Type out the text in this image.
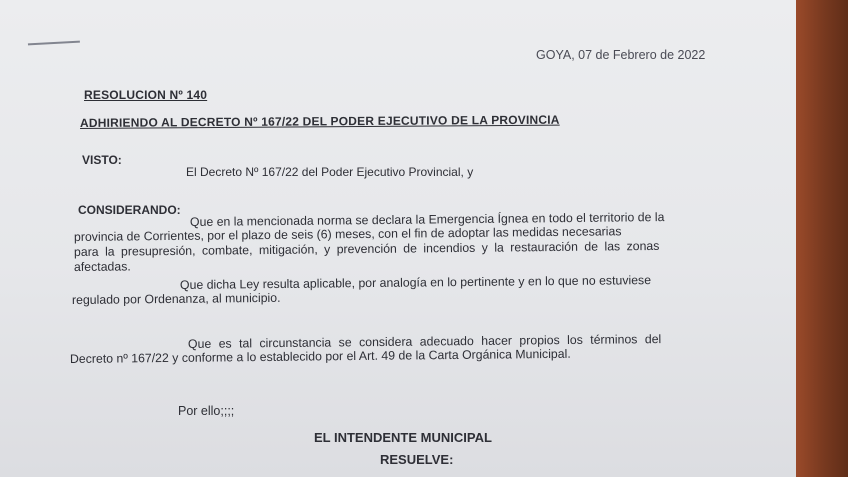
GOYA, 07 de Febrero de 2022
RESOLUCION Nº 140
ADHIRIENDO AL DECRETO Nº 167/22 DEL PODER EJECUTIVO DE LA PROVINCIA
VISTO:
El Decreto Nº 167/22 del Poder Ejecutivo Provincial, y
CONSIDERANDO:
Que en la mencionada norma se declara la Emergencia Ígnea en todo el territorio de la
provincia de Corrientes, por el plazo de seis (6) meses, con el fin de adoptar las medidas necesarias
para la presupresión, combate, mitigación, y prevención de incendios y la restauración de las zonas
afectadas.
Que dicha Ley resulta aplicable, por analogía en lo pertinente y en lo que no estuviese
regulado por Ordenanza, al municipio.
Que es tal circunstancia se considera adecuado hacer propios los términos del
Decreto nº 167/22 y conforme a lo establecido por el Art. 49 de la Carta Orgánica Municipal.
Por ello;;;;
EL INTENDENTE MUNICIPAL
RESUELVE:
